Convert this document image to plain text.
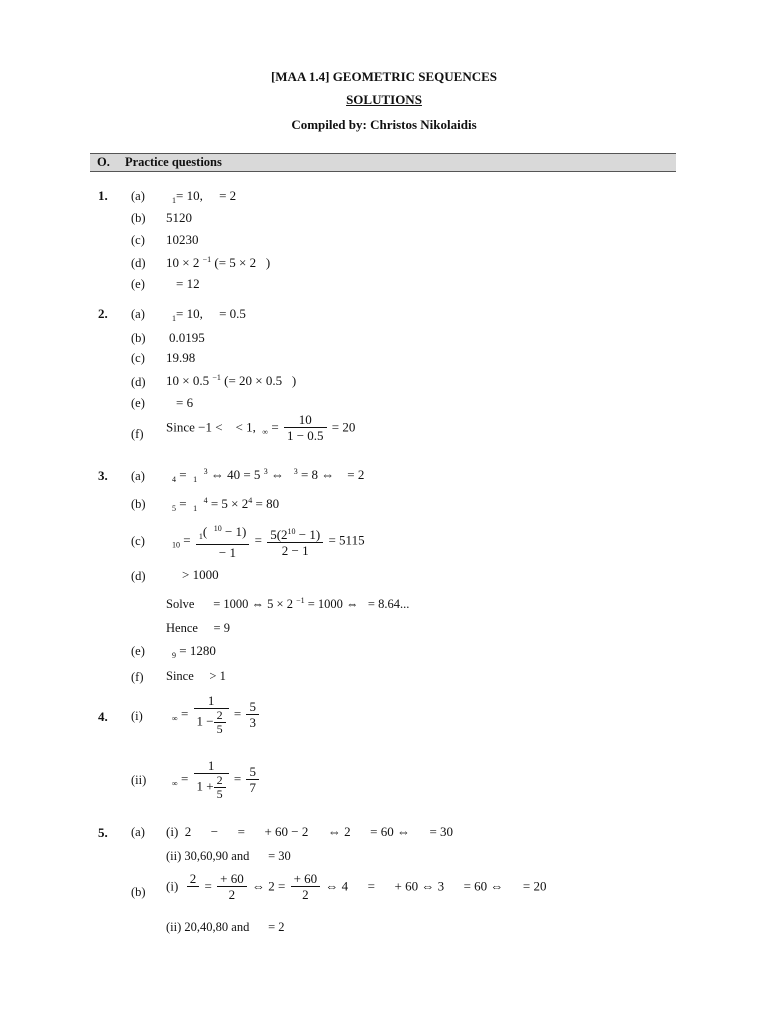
[MAA 1.4] GEOMETRIC SEQUENCES
SOLUTIONS
Compiled by: Christos Nikolaidis
O. Practice questions
1. (a)	$_1$= 10, = 2
(b) 5120
(c) 10230
(d) 10 × 2 $^{-1}$ (= 5 × 2 )
(e) = 12
2. (a)	$_1$= 10, = 0.5
(b) 0.0195
(c) 19.98
(d) 10 × 0.5 $^{-1}$ (= 20 × 0.5 )
(e) = 6
(f) Since −1 < < 1, $_\infty = \frac{10}{1 - 0.5} = 20$
3. (a)	$_4$ = $_1$  $^3$ ⇔ 40 = 5 $^3$ ⇔ $^3$ = 8 ⇔ = 2
(b)	$_5$ = $_1$  $^4 = 5 \times 2^4 = 80$
(c)	$_{10} = \frac{_1( ^{10} - 1)}{- 1} = \frac{5(2^{10} - 1)}{2 - 1} = 5115$
(d)	> 1000
Solve = 1000 ⇔ 5 × 2 $^{-1}$ = 1000 ⇔ = 8.64...
Hence = 9
(e)	$_9$ = 1280
(f) Since > 1
4. (i)	$_\infty = \frac{1}{1 - \frac{2}{5}} = \frac{5}{3}$
(ii)	$_\infty = \frac{1}{1 + \frac{2}{5}} = \frac{5}{7}$
5. (a) (i) 2      −      =      + 60 − 2      ⇔ 2      = 60 ⇔      = 30
(ii) 30,60,90 and      = 30
(b) (i) 2
= $\frac{+ 60}{2}$ ⇔ $2 = \frac{+ 60}{2}$ ⇔ 4      =      + 60 ⇔ 3      = 60 ⇔      = 20
(ii) 20,40,80 and      = 2
